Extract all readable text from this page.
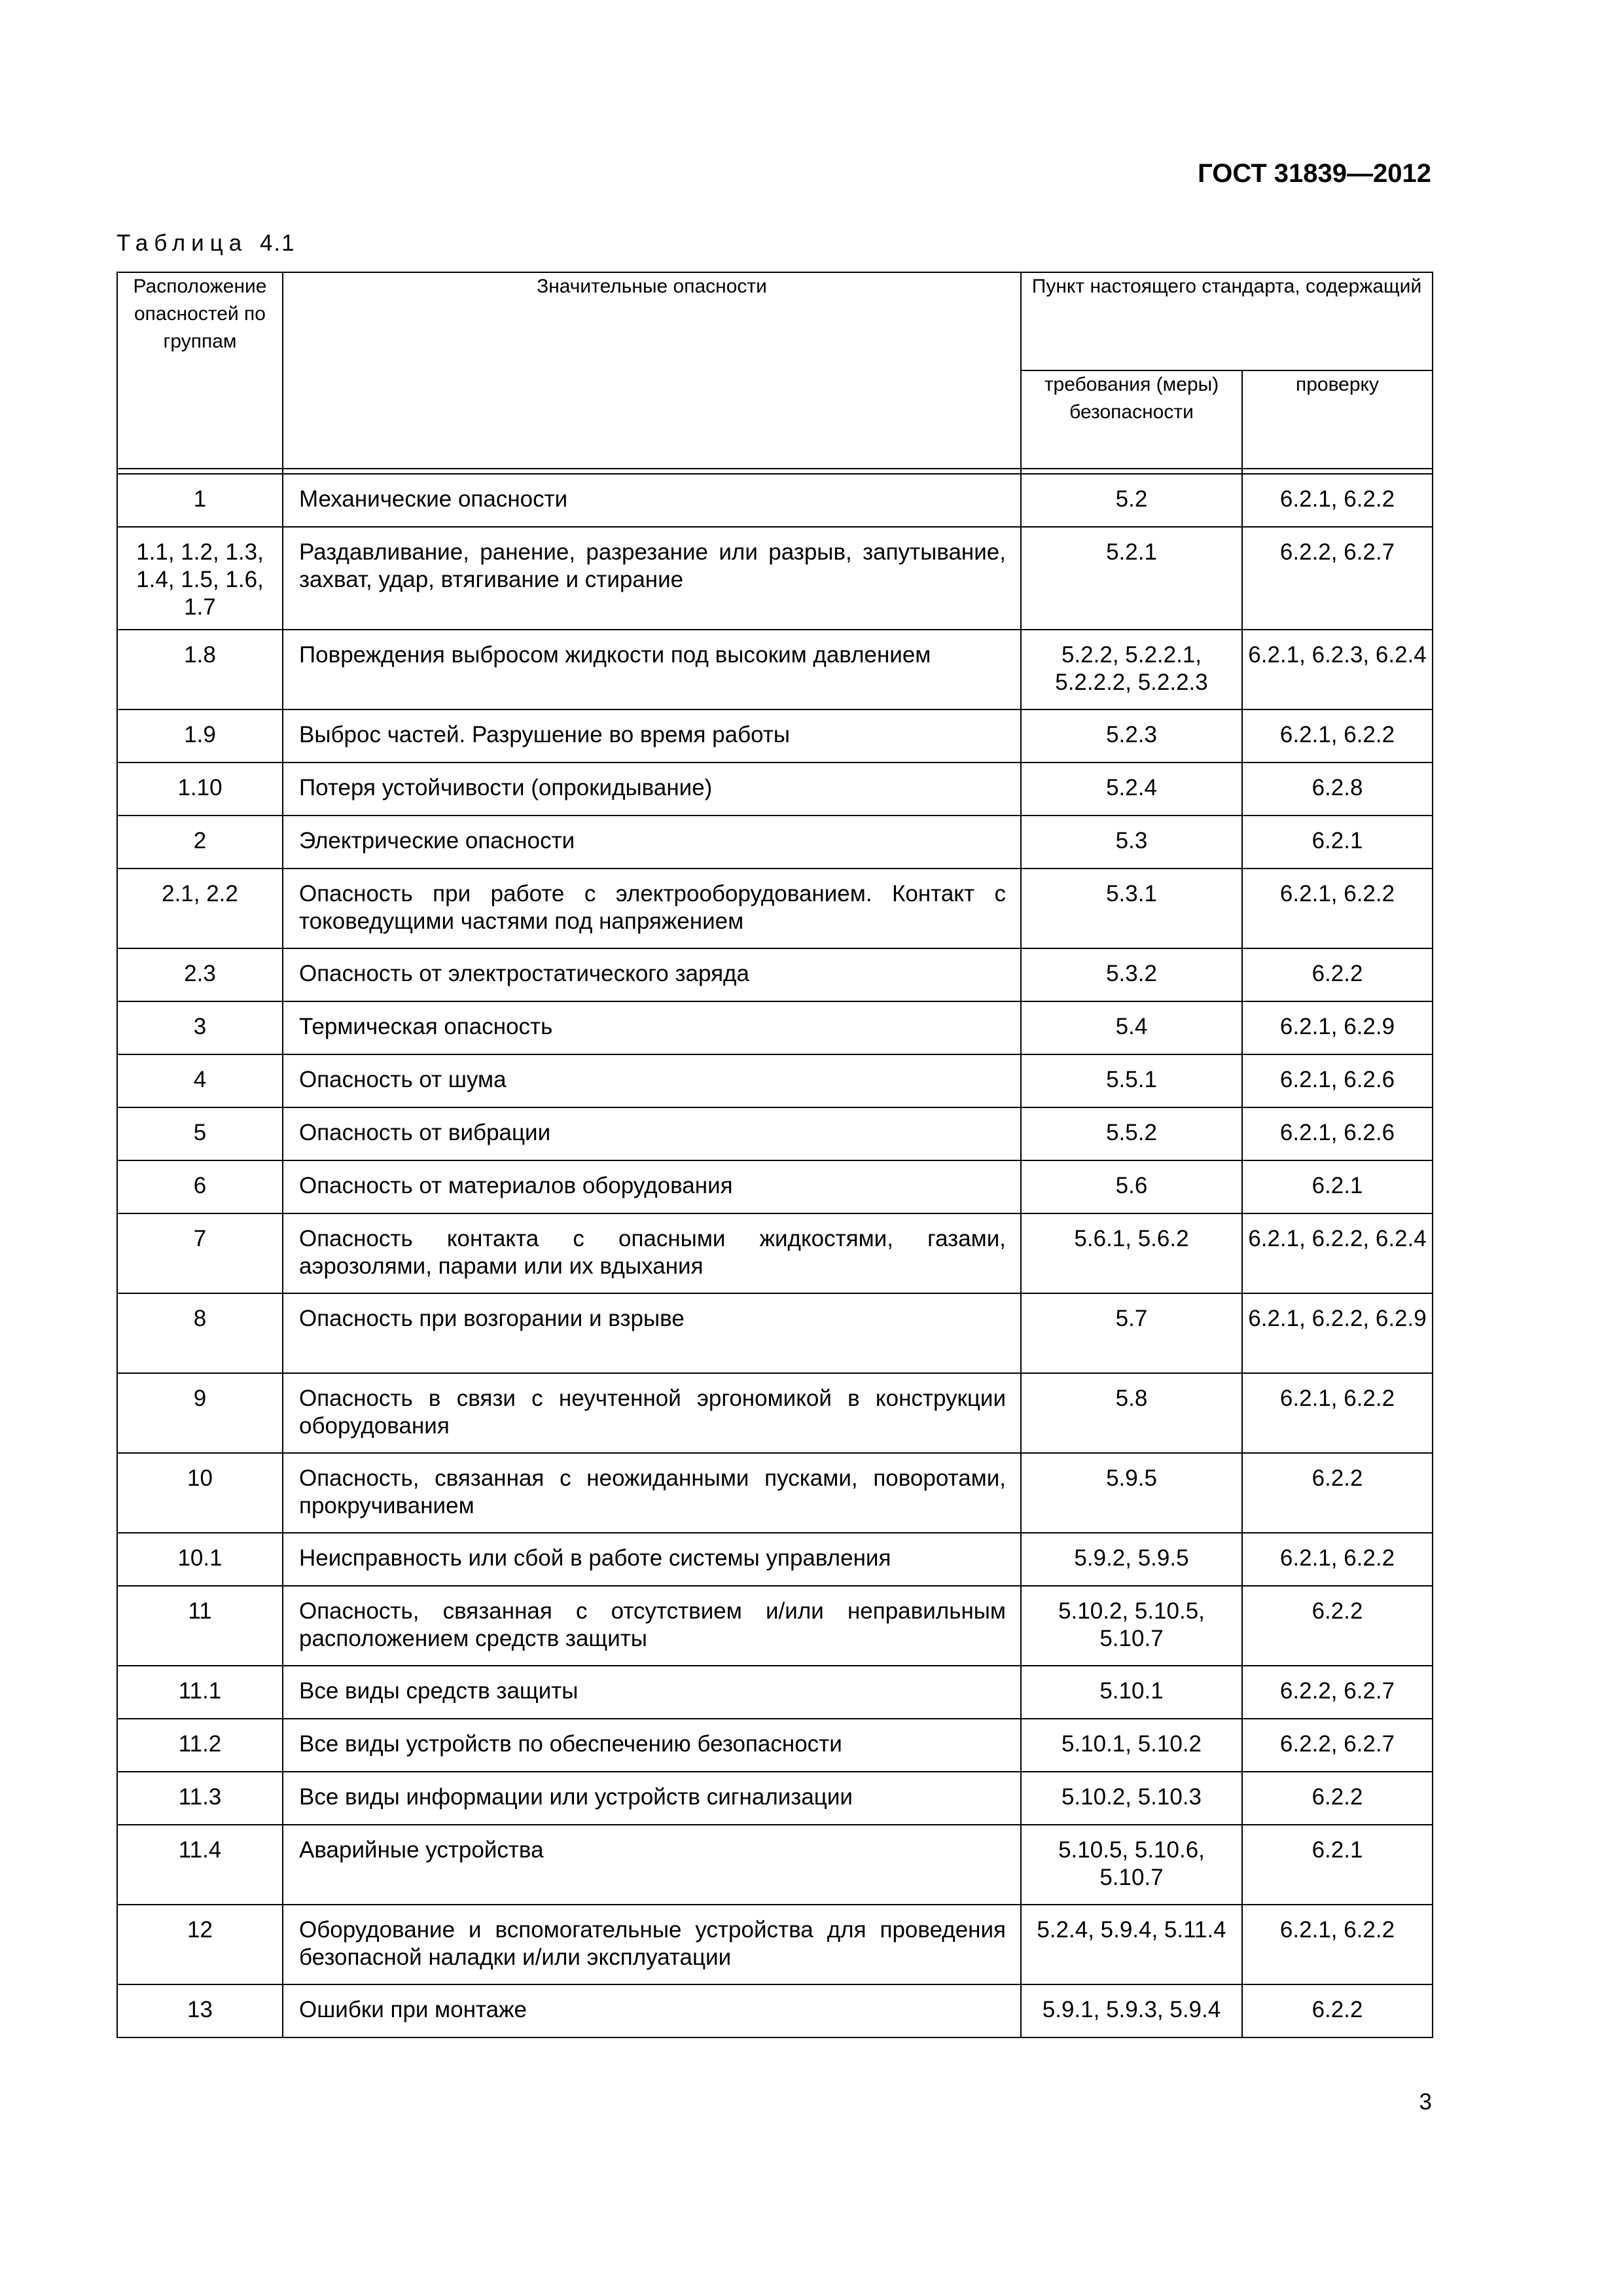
ГОСТ 31839—2012
Таблица 4.1
Расположение опасностей по группам	Значительные опасности	Пункт настоящего стандарта, содержащий	
		требования (меры) безопасности	проверку

1	Механические опасности	5.2	6.2.1, 6.2.2
1.1, 1.2, 1.3, 1.4, 1.5, 1.6, 1.7	Раздавливание, ранение, разрезание или разрыв, запутывание, захват, удар, втягивание и стирание	5.2.1	6.2.2, 6.2.7
1.8	Повреждения выбросом жидкости под высоким давлением	5.2.2, 5.2.2.1, 5.2.2.2, 5.2.2.3	6.2.1, 6.2.3, 6.2.4
1.9	Выброс частей. Разрушение во время работы	5.2.3	6.2.1, 6.2.2
1.10	Потеря устойчивости (опрокидывание)	5.2.4	6.2.8
2	Электрические опасности	5.3	6.2.1
2.1, 2.2	Опасность при работе с электрооборудованием. Контакт с токоведущими частями под напряжением	5.3.1	6.2.1, 6.2.2
2.3	Опасность от электростатического заряда	5.3.2	6.2.2
3	Термическая опасность	5.4	6.2.1, 6.2.9
4	Опасность от шума	5.5.1	6.2.1, 6.2.6
5	Опасность от вибрации	5.5.2	6.2.1, 6.2.6
6	Опасность от материалов оборудования	5.6	6.2.1
7	Опасность контакта с опасными жидкостями, газами, аэрозолями, парами или их вдыхания	5.6.1, 5.6.2	6.2.1, 6.2.2, 6.2.4
8	Опасность при возгорании и взрыве	5.7	6.2.1, 6.2.2, 6.2.9
9	Опасность в связи с неучтенной эргономикой в конструкции оборудования	5.8	6.2.1, 6.2.2
10	Опасность, связанная с неожиданными пусками, поворотами, прокручиванием	5.9.5	6.2.2
10.1	Неисправность или сбой в работе системы управления	5.9.2, 5.9.5	6.2.1, 6.2.2
11	Опасность, связанная с отсутствием и/или неправильным расположением средств защиты	5.10.2, 5.10.5, 5.10.7	6.2.2
11.1	Все виды средств защиты	5.10.1	6.2.2, 6.2.7
11.2	Все виды устройств по обеспечению безопасности	5.10.1, 5.10.2	6.2.2, 6.2.7
11.3	Все виды информации или устройств сигнализации	5.10.2, 5.10.3	6.2.2
11.4	Аварийные устройства	5.10.5, 5.10.6, 5.10.7	6.2.1
12	Оборудование и вспомогательные устройства для проведения безопасной наладки и/или эксплуатации	5.2.4, 5.9.4, 5.11.4	6.2.1, 6.2.2
13	Ошибки при монтаже	5.9.1, 5.9.3, 5.9.4	6.2.2
3
